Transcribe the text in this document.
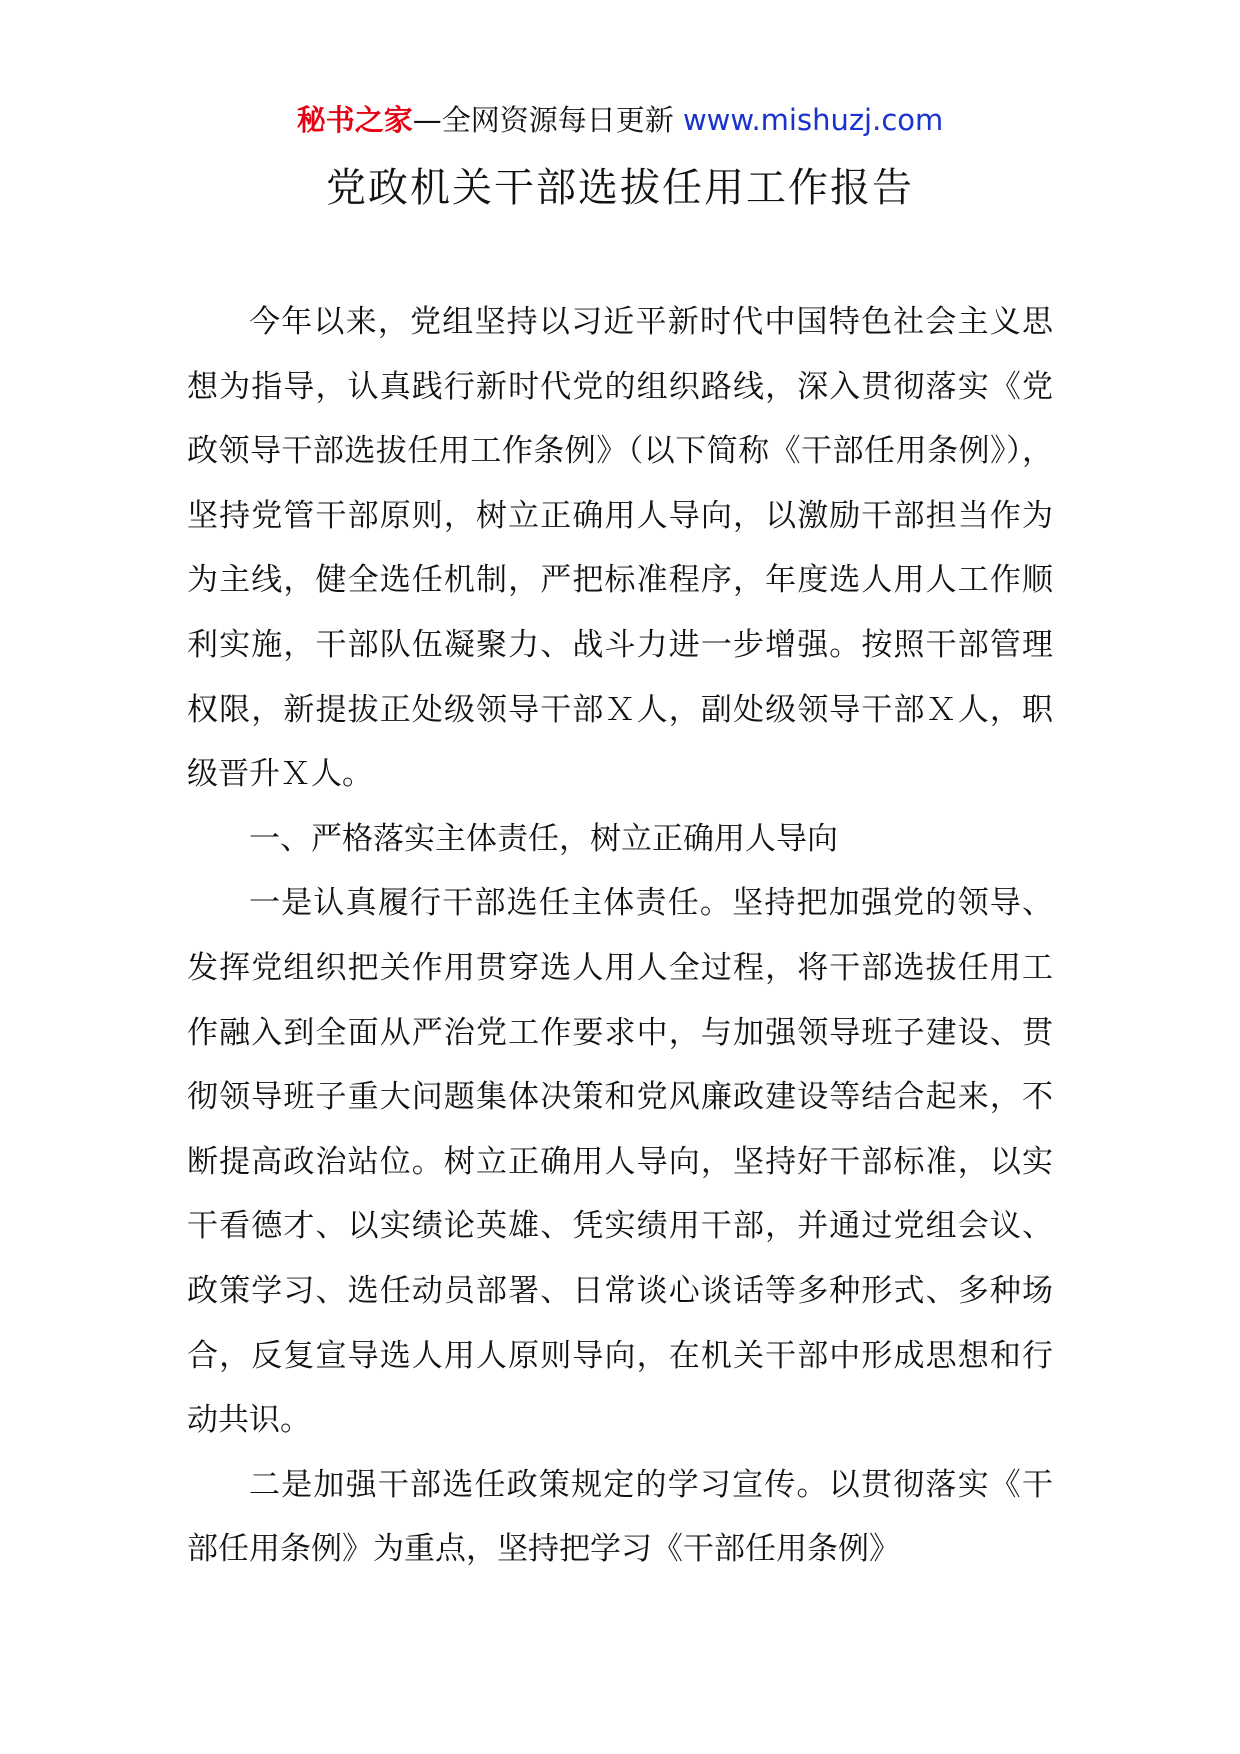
秘书之家—全网资源每日更新 www.mishuzj.com
党政机关干部选拔任用工作报告

今年以来，党组坚持以习近平新时代中国特色社会主义思想为指导，认真践行新时代党的组织路线，深入贯彻落实《党政领导干部选拔任用工作条例》（以下简称《干部任用条例》），坚持党管干部原则，树立正确用人导向，以激励干部担当作为为主线，健全选任机制，严把标准程序，年度选人用人工作顺利实施，干部队伍凝聚力、战斗力进一步增强。按照干部管理权限，新提拔正处级领导干部Ｘ人，副处级领导干部Ｘ人，职级晋升Ｘ人。

一、严格落实主体责任，树立正确用人导向

一是认真履行干部选任主体责任。坚持把加强党的领导、发挥党组织把关作用贯穿选人用人全过程，将干部选拔任用工作融入到全面从严治党工作要求中，与加强领导班子建设、贯彻领导班子重大问题集体决策和党风廉政建设等结合起来，不断提高政治站位。树立正确用人导向，坚持好干部标准，以实干看德才、以实绩论英雄、凭实绩用干部，并通过党组会议、政策学习、选任动员部署、日常谈心谈话等多种形式、多种场合，反复宣导选人用人原则导向，在机关干部中形成思想和行动共识。

二是加强干部选任政策规定的学习宣传。以贯彻落实《干部任用条例》为重点，坚持把学习《干部任用条例》
